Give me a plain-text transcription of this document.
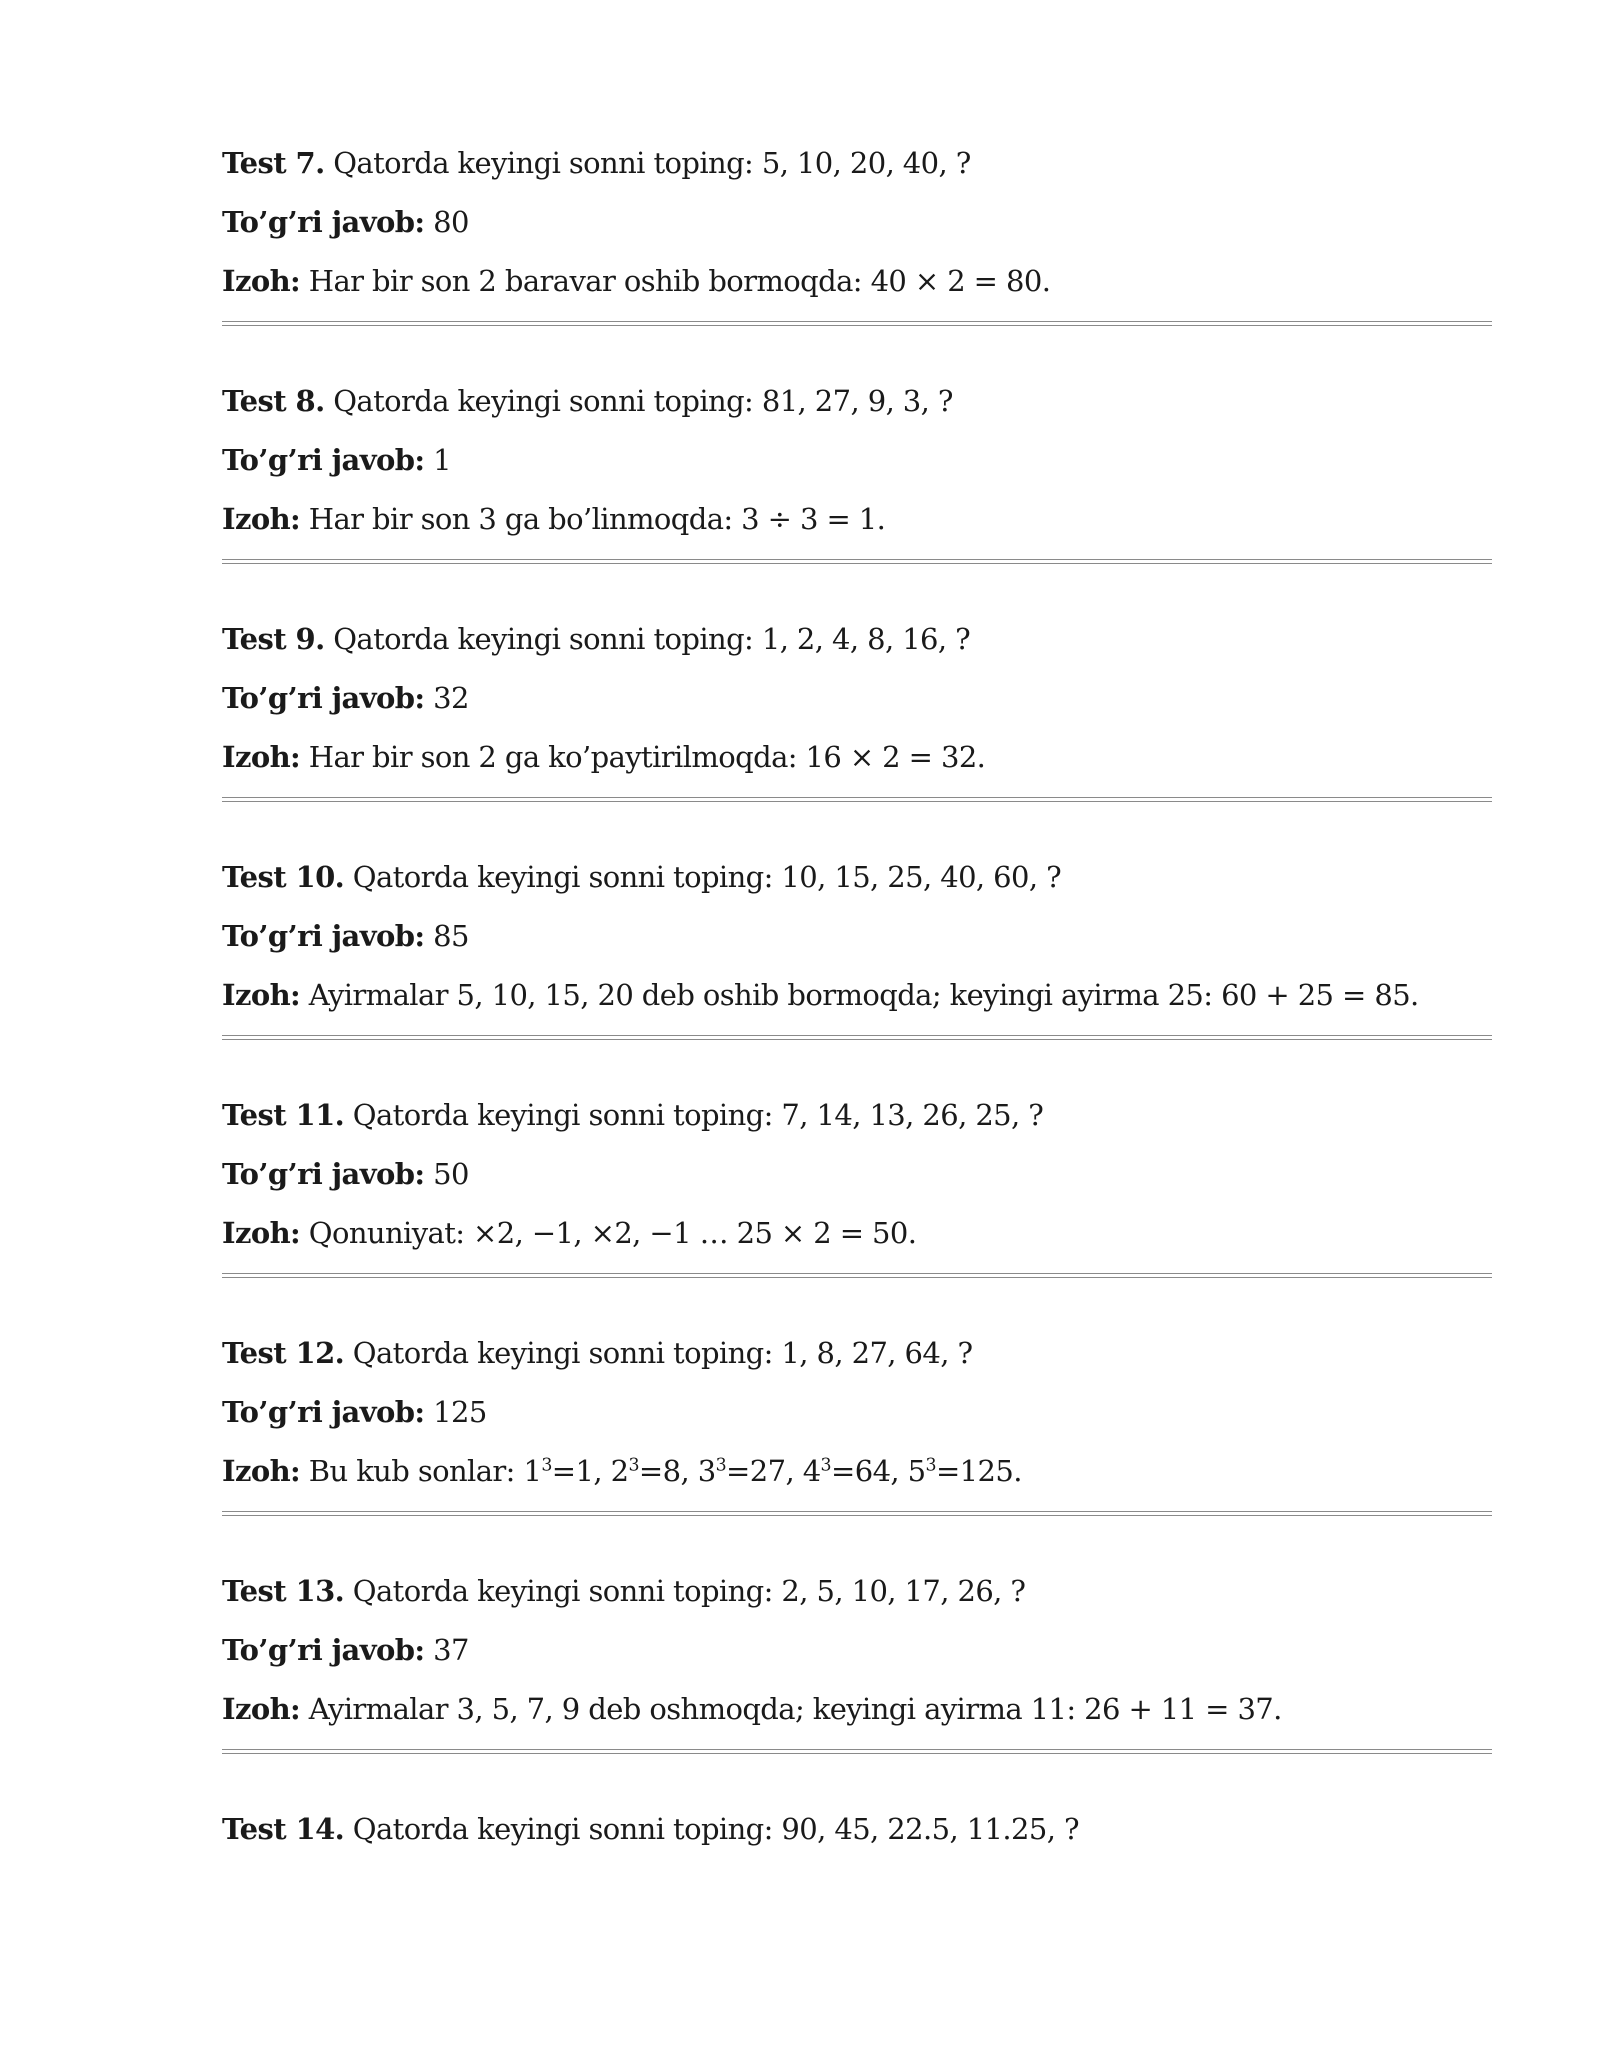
Test 7. Qatorda keyingi sonni toping: 5, 10, 20, 40, ?
To’g’ri javob: 80
Izoh: Har bir son 2 baravar oshib bormoqda: 40 × 2 = 80.
Test 8. Qatorda keyingi sonni toping: 81, 27, 9, 3, ?
To’g’ri javob: 1
Izoh: Har bir son 3 ga bo’linmoqda: 3 ÷ 3 = 1.
Test 9. Qatorda keyingi sonni toping: 1, 2, 4, 8, 16, ?
To’g’ri javob: 32
Izoh: Har bir son 2 ga ko’paytirilmoqda: 16 × 2 = 32.
Test 10. Qatorda keyingi sonni toping: 10, 15, 25, 40, 60, ?
To’g’ri javob: 85
Izoh: Ayirmalar 5, 10, 15, 20 deb oshib bormoqda; keyingi ayirma 25: 60 + 25 = 85.
Test 11. Qatorda keyingi sonni toping: 7, 14, 13, 26, 25, ?
To’g’ri javob: 50
Izoh: Qonuniyat: ×2, −1, ×2, −1 … 25 × 2 = 50.
Test 12. Qatorda keyingi sonni toping: 1, 8, 27, 64, ?
To’g’ri javob: 125
Izoh: Bu kub sonlar: $1^3=1$, $2^3=8$, $3^3=27$, $4^3=64$, $5^3=125$.
Test 13. Qatorda keyingi sonni toping: 2, 5, 10, 17, 26, ?
To’g’ri javob: 37
Izoh: Ayirmalar 3, 5, 7, 9 deb oshmoqda; keyingi ayirma 11: 26 + 11 = 37.
Test 14. Qatorda keyingi sonni toping: 90, 45, 22.5, 11.25, ?
